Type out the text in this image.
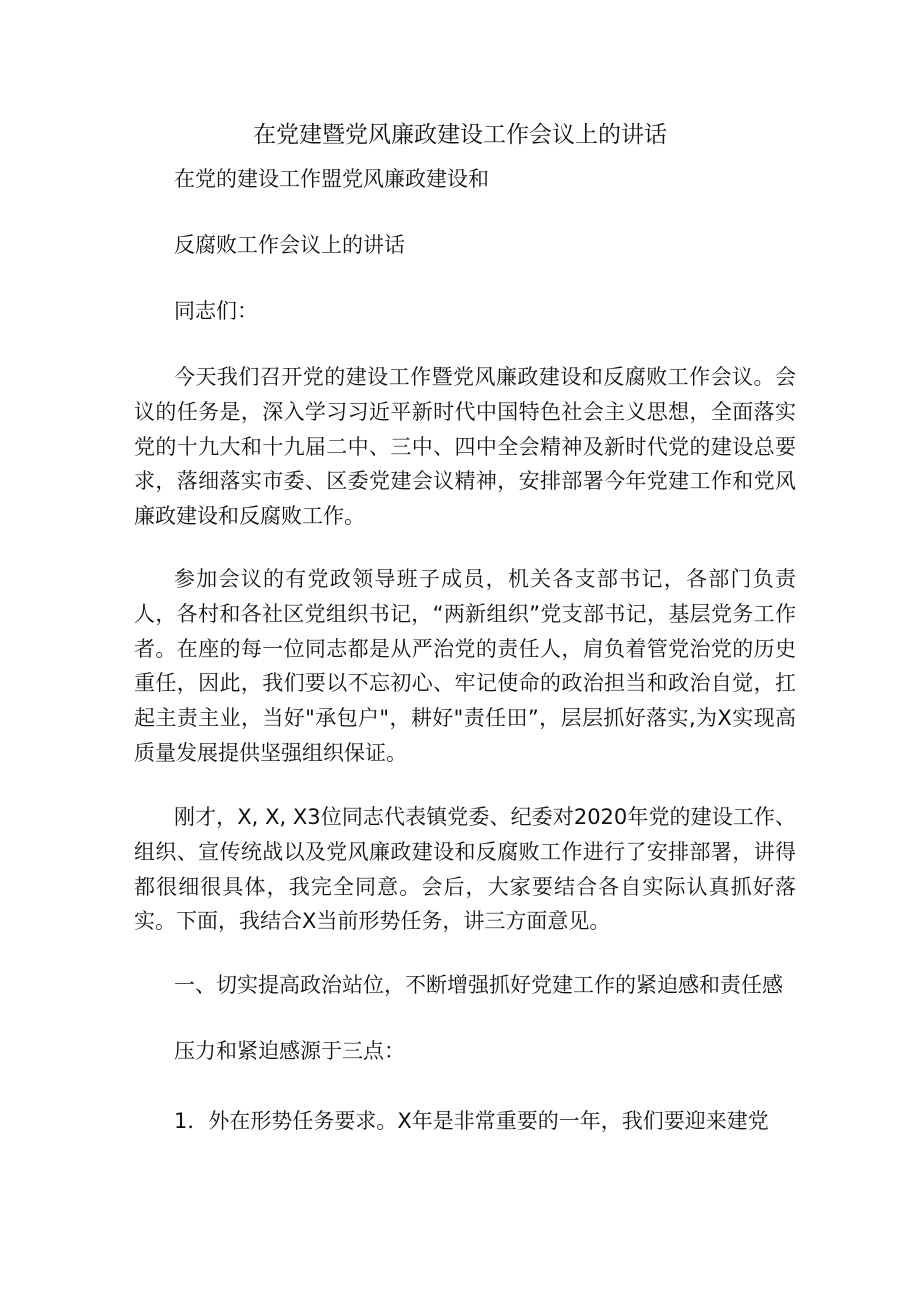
在党建暨党风廉政建设工作会议上的讲话
在党的建设工作盟党风廉政建设和
反腐败工作会议上的讲话
同志们：

今天我们召开党的建设工作暨党风廉政建设和反腐败工作会议。会议的任务是，深入学习习近平新时代中国特色社会主义思想，全面落实党的十九大和十九届二中、三中、四中全会精神及新时代党的建设总要求，落细落实市委、区委党建会议精神，安排部署今年党建工作和党风廉政建设和反腐败工作。

参加会议的有党政领导班子成员，机关各支部书记，各部门负责人，各村和各社区党组织书记，“两新组织”党支部书记，基层党务工作者。在座的每一位同志都是从严治党的责任人，肩负着管党治党的历史重任，因此，我们要以不忘初心、牢记使命的政治担当和政治自觉，扛起主责主业，当好"承包户"，耕好"责任田”，层层抓好落实,为X实现高质量发展提供坚强组织保证。

刚才，X, X, X3位同志代表镇党委、纪委对2020年党的建设工作、组织、宣传统战以及党风廉政建设和反腐败工作进行了安排部署，讲得都很细很具体，我完全同意。会后，大家要结合各自实际认真抓好落实。下面，我结合X当前形势任务，讲三方面意见。

一、切实提高政治站位，不断增强抓好党建工作的紧迫感和责任感
压力和紧迫感源于三点：
1．外在形势任务要求。X年是非常重要的一年，我们要迎来建党
